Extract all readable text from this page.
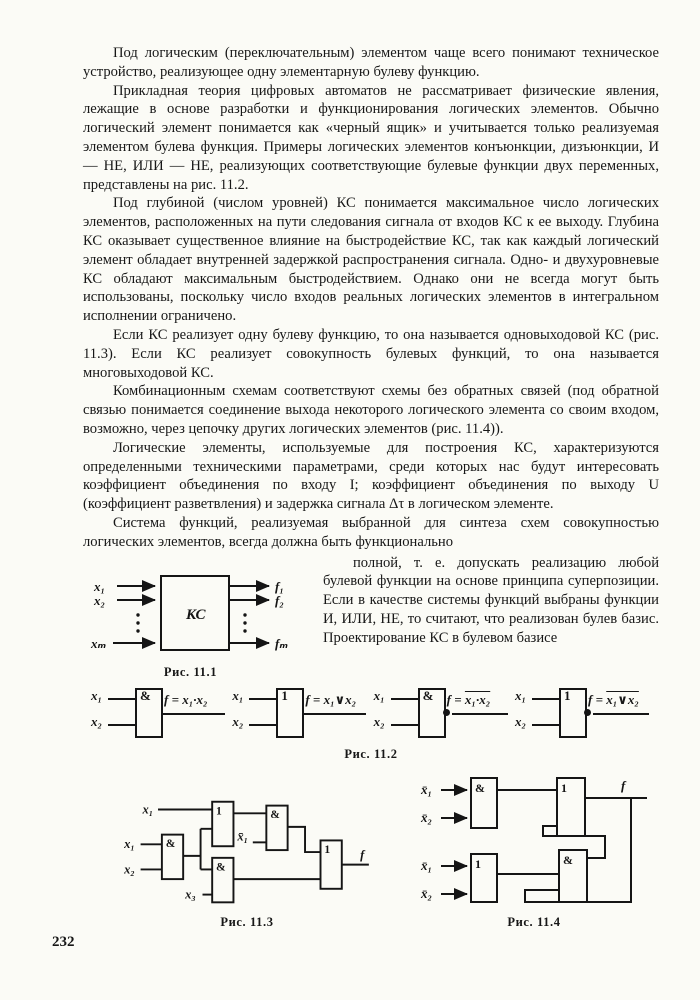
Под логическим (переключательным) элементом чаще всего понимают техническое устройство, реализующее одну элементарную булеву функцию.

Прикладная теория цифровых автоматов не рассматривает физические явления, лежащие в основе разработки и функционирования логических элементов. Обычно логический элемент понимается как «черный ящик» и учитывается только реализуемая элементом булева функция. Примеры логических элементов конъюнкции, дизъюнкции, И — НЕ, ИЛИ — НЕ, реализующих соответствующие булевые функции двух переменных, представлены на рис. 11.2.

Под глубиной (числом уровней) КС понимается максимальное число логических элементов, расположенных на пути следования сигнала от входов КС к ее выходу. Глубина КС оказывает существенное влияние на быстродействие КС, так как каждый логический элемент обладает внутренней задержкой распространения сигнала. Одно- и двухуровневые КС обладают максимальным быстродействием. Однако они не всегда могут быть использованы, поскольку число входов реальных логических элементов в интегральном исполнении ограничено.

Если КС реализует одну булеву функцию, то она называется одновыходовой КС (рис. 11.3). Если КС реализует совокупность булевых функций, то она называется многовыходовой КС.

Комбинационным схемам соответствуют схемы без обратных связей (под обратной связью понимается соединение выхода некоторого логического элемента со своим входом, возможно, через цепочку других логических элементов (рис. 11.4)).

Логические элементы, используемые для построения КС, характеризуются определенными техническими параметрами, среди которых нас будут интересовать коэффициент объединения по входу I; коэффициент объединения по выходу U (коэффициент разветвления) и задержка сигнала Δτ в логическом элементе.

Система функций, реализуемая выбранной для синтеза схем совокупностью логических элементов, всегда должна быть функционально

КС
x₁
x₂
xₘ
f₁
f₂
fₘ
Рис. 11.1

полной, т. е. допускать реализацию любой булевой функции на основе принципа суперпозиции. Если в качестве системы функций выбраны функции И, ИЛИ, НЕ, то считают, что реализован булев базис. Проектирование КС в булевом базисе

x₁
x₂
& f = x₁·x₂ x₁
x₂
1 f = x₁∨x₂ x₁
x₂
& f = x₁·x₂ x₁
x₂
1 f = x₁∨x₂
Рис. 11.2
&
1	&
&
1
x₁
x₁
x₂
x̄₁
x₃
f
Рис. 11.3
&	1
1	&
x̄₁
x̄₂
x̄₁
x̄₂
f
Рис. 11.4
232
